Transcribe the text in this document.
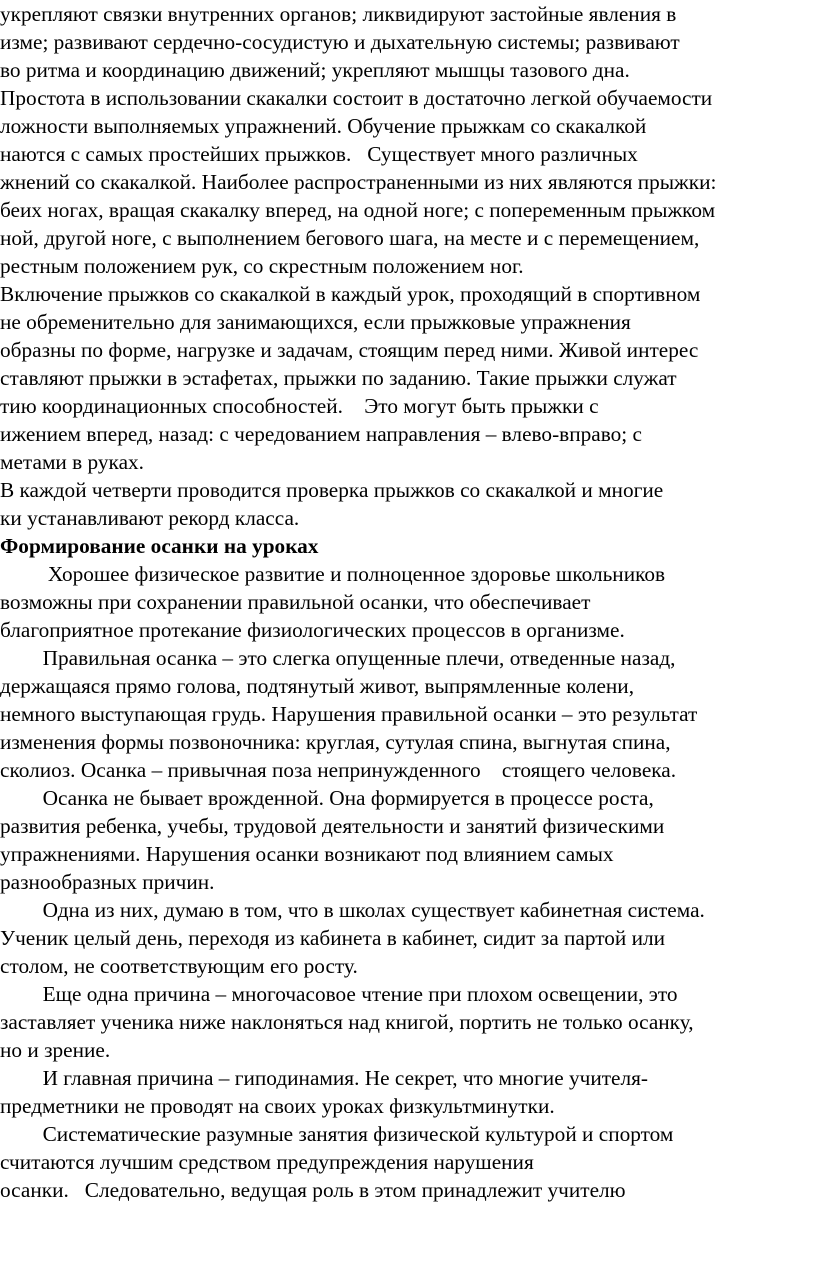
укрепляют связки внутренних органов; ликвидируют застойные явления в
изме; развивают сердечно-сосудистую и дыхательную системы; развивают
во ритма и координацию движений; укрепляют мышцы тазового дна.
Простота в использовании скакалки состоит в достаточно легкой обучаемости
ложности выполняемых упражнений. Обучение прыжкам со скакалкой
наются с самых простейших прыжков.   Существует много различных
жнений со скакалкой. Наиболее распространенными из них являются прыжки:
беих ногах, вращая скакалку вперед, на одной ноге; с попеременным прыжком
ной, другой ноге, с выполнением бегового шага, на месте и с перемещением,
рестным положением рук, со скрестным положением ног.
Включение прыжков со скакалкой в каждый урок, проходящий в спортивном
не обременительно для занимающихся, если прыжковые упражнения
образны по форме, нагрузке и задачам, стоящим перед ними. Живой интерес
ставляют прыжки в эстафетах, прыжки по заданию. Такие прыжки служат
тию координационных способностей.    Это могут быть прыжки с
ижением вперед, назад: с чередованием направления – влево-вправо; с
метами в руках.
В каждой четверти проводится проверка прыжков со скакалкой и многие
ки устанавливают рекорд класса.
Формирование осанки на уроках
Хорошее физическое развитие и полноценное здоровье школьников
возможны при сохранении правильной осанки, что обеспечивает
благоприятное протекание физиологических процессов в организме.
Правильная осанка – это слегка опущенные плечи, отведенные назад,
держащаяся прямо голова, подтянутый живот, выпрямленные колени,
немного выступающая грудь. Нарушения правильной осанки – это результат
изменения формы позвоночника: круглая, сутулая спина, выгнутая спина,
сколиоз. Осанка – привычная поза непринужденного    стоящего человека.
Осанка не бывает врожденной. Она формируется в процессе роста,
развития ребенка, учебы, трудовой деятельности и занятий физическими
упражнениями. Нарушения осанки возникают под влиянием самых
разнообразных причин.
Одна из них, думаю в том, что в школах существует кабинетная система.
Ученик целый день, переходя из кабинета в кабинет, сидит за партой или
столом, не соответствующим его росту.
Еще одна причина – многочасовое чтение при плохом освещении, это
заставляет ученика ниже наклоняться над книгой, портить не только осанку,
но и зрение.
И главная причина – гиподинамия. Не секрет, что многие учителя-
предметники не проводят на своих уроках физкультминутки.
Систематические разумные занятия физической культурой и спортом
считаются лучшим средством предупреждения нарушения
осанки.   Следовательно, ведущая роль в этом принадлежит учителю
